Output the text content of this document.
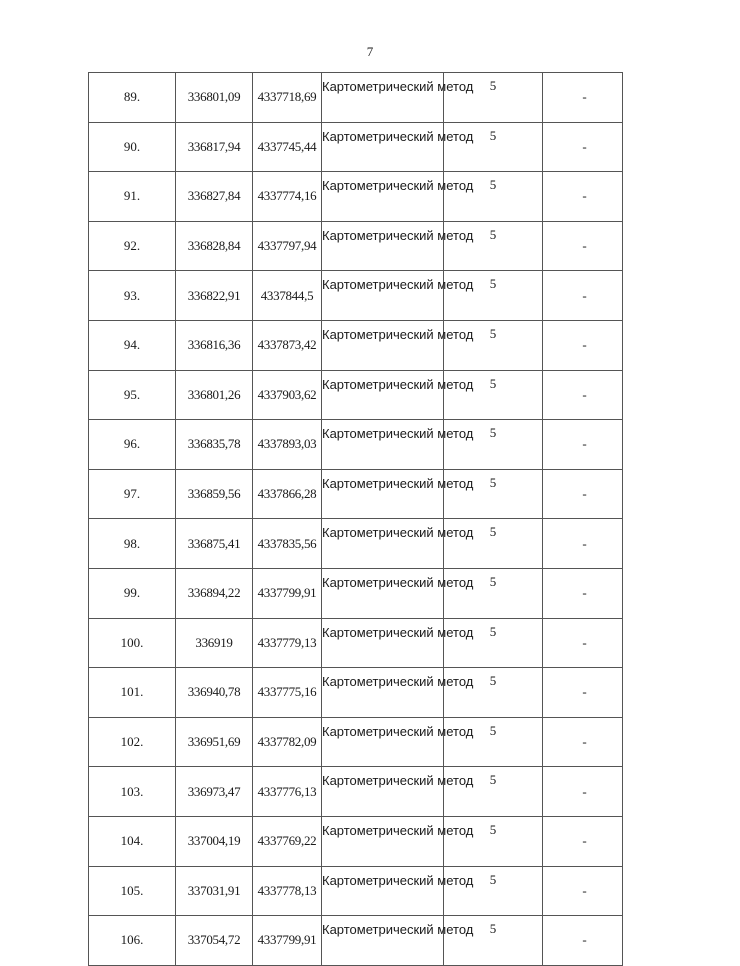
7
89.	336801,09	4337718,69	Картометрический метод	5	-
90.	336817,94	4337745,44	Картометрический метод	5	-
91.	336827,84	4337774,16	Картометрический метод	5	-
92.	336828,84	4337797,94	Картометрический метод	5	-
93.	336822,91	4337844,5	Картометрический метод	5	-
94.	336816,36	4337873,42	Картометрический метод	5	-
95.	336801,26	4337903,62	Картометрический метод	5	-
96.	336835,78	4337893,03	Картометрический метод	5	-
97.	336859,56	4337866,28	Картометрический метод	5	-
98.	336875,41	4337835,56	Картометрический метод	5	-
99.	336894,22	4337799,91	Картометрический метод	5	-
100.	336919	4337779,13	Картометрический метод	5	-
101.	336940,78	4337775,16	Картометрический метод	5	-
102.	336951,69	4337782,09	Картометрический метод	5	-
103.	336973,47	4337776,13	Картометрический метод	5	-
104.	337004,19	4337769,22	Картометрический метод	5	-
105.	337031,91	4337778,13	Картометрический метод	5	-
106.	337054,72	4337799,91	Картометрический метод	5	-
